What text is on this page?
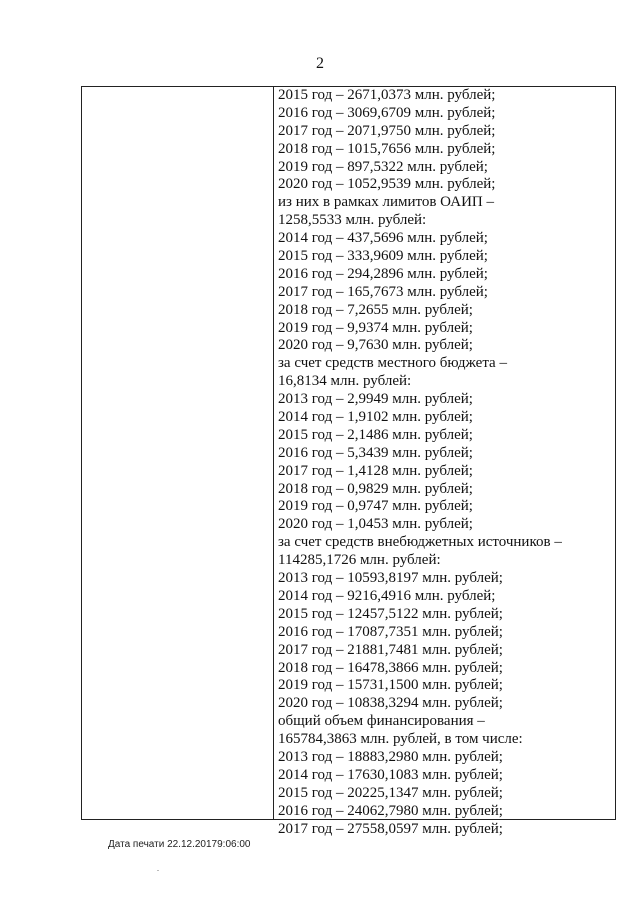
2
2015 год – 2671,0373 млн. рублей;
2016 год – 3069,6709 млн. рублей;
2017 год – 2071,9750 млн. рублей;
2018 год – 1015,7656 млн. рублей;
2019 год – 897,5322 млн. рублей;
2020 год – 1052,9539 млн. рублей;
из них в рамках лимитов ОАИП –
1258,5533 млн. рублей:
2014 год – 437,5696 млн. рублей;
2015 год – 333,9609 млн. рублей;
2016 год – 294,2896 млн. рублей;
2017 год – 165,7673 млн. рублей;
2018 год – 7,2655 млн. рублей;
2019 год – 9,9374 млн. рублей;
2020 год – 9,7630 млн. рублей;
за счет средств местного бюджета –
16,8134 млн. рублей:
2013 год – 2,9949 млн. рублей;
2014 год – 1,9102 млн. рублей;
2015 год – 2,1486 млн. рублей;
2016 год – 5,3439 млн. рублей;
2017 год – 1,4128 млн. рублей;
2018 год – 0,9829 млн. рублей;
2019 год – 0,9747 млн. рублей;
2020 год – 1,0453 млн. рублей;
за счет средств внебюджетных источников –
114285,1726 млн. рублей:
2013 год – 10593,8197 млн. рублей;
2014 год – 9216,4916 млн. рублей;
2015 год – 12457,5122 млн. рублей;
2016 год – 17087,7351 млн. рублей;
2017 год – 21881,7481 млн. рублей;
2018 год – 16478,3866 млн. рублей;
2019 год – 15731,1500 млн. рублей;
2020 год – 10838,3294 млн. рублей;
общий объем финансирования –
165784,3863 млн. рублей, в том числе:
2013 год – 18883,2980 млн. рублей;
2014 год – 17630,1083 млн. рублей;
2015 год – 20225,1347 млн. рублей;
2016 год – 24062,7980 млн. рублей;
2017 год – 27558,0597 млн. рублей;
Дата печати 22.12.20179:06:00
